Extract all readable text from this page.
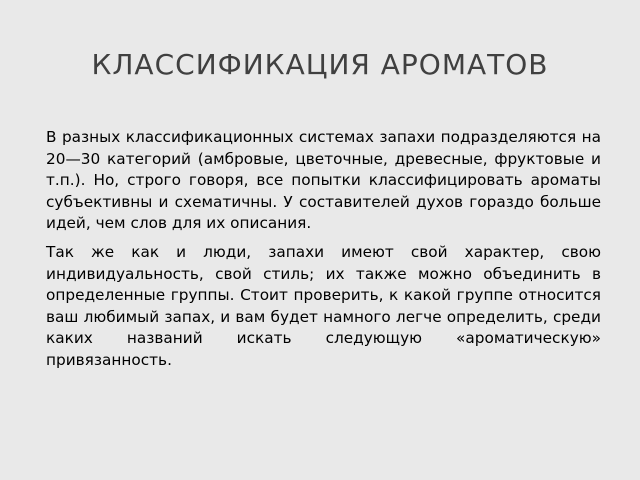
КЛАССИФИКАЦИЯ АРОМАТОВ

В разных классификационных системах запахи подразделяются на 20—30 категорий (амбровые, цветочные, древесные, фруктовые и т.п.). Но, строго говоря, все попытки классифицировать ароматы субъективны и схематичны. У составителей духов гораздо больше идей, чем слов для их описания.

Так же как и люди, запахи имеют свой характер, свою индивидуальность, свой стиль; их также можно объединить в определенные группы. Стоит проверить, к какой группе относится ваш любимый запах, и вам будет намного легче определить, среди каких названий искать следующую «ароматическую» привязанность.
